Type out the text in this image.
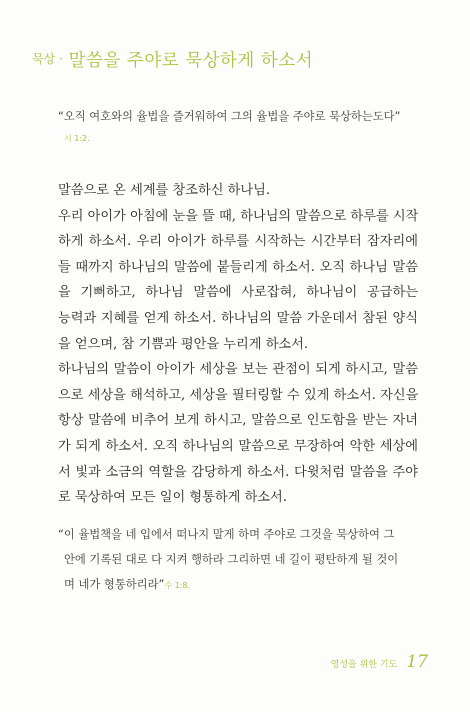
묵상 · 말씀을 주야로 묵상하게 하소서
“오직 여호와의 율법을 즐거워하여 그의 율법을 주야로 묵상하는도다”
시 1:2.
말씀으로 온 세계를 창조하신 하나님.
우리 아이가 아침에 눈을 뜰 때, 하나님의 말씀으로 하루를 시작
하게 하소서. 우리 아이가 하루를 시작하는 시간부터 잠자리에
들 때까지 하나님의 말씀에 붙들리게 하소서. 오직 하나님 말씀
을 기뻐하고, 하나님 말씀에 사로잡혀, 하나님이 공급하는
능력과 지혜를 얻게 하소서. 하나님의 말씀 가운데서 참된 양식
을 얻으며, 참 기쁨과 평안을 누리게 하소서.
하나님의 말씀이 아이가 세상을 보는 관점이 되게 하시고, 말씀
으로 세상을 해석하고, 세상을 필터링할 수 있게 하소서. 자신을
항상 말씀에 비추어 보게 하시고, 말씀으로 인도함을 받는 자녀
가 되게 하소서. 오직 하나님의 말씀으로 무장하여 악한 세상에
서 빛과 소금의 역할을 감당하게 하소서. 다윗처럼 말씀을 주야
로 묵상하여 모든 일이 형통하게 하소서.
“이 율법책을 네 입에서 떠나지 말게 하며 주야로 그것을 묵상하여 그
안에 기록된 대로 다 지켜 행하라 그리하면 네 길이 평탄하게 될 것이
며 네가 형통하리라”수 1:8.
영성을 위한 기도 17
